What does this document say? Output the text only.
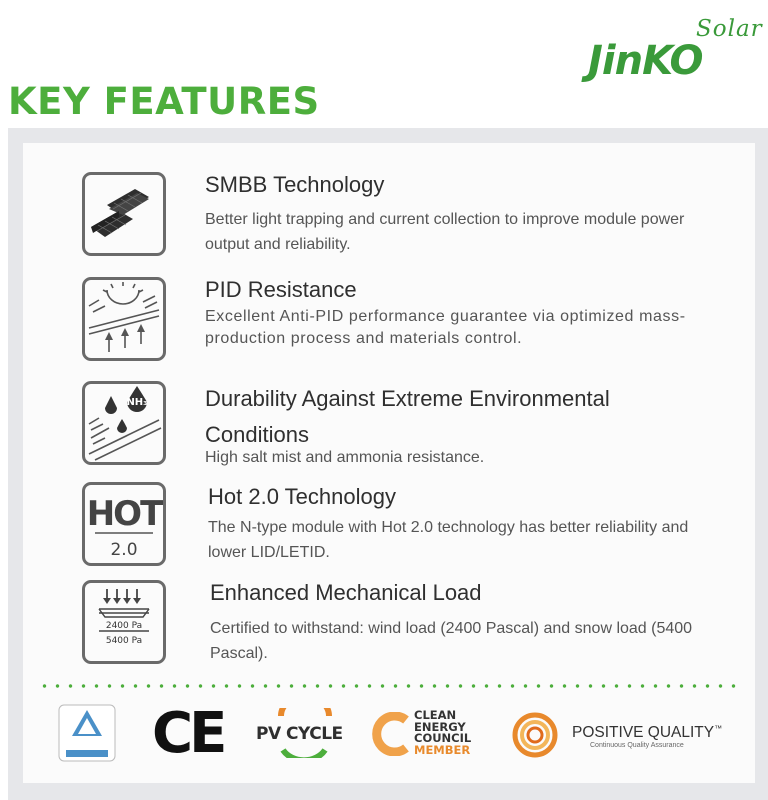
Solar
JinKO
KEY FEATURES
SMBB Technology

Better light trapping and current collection to improve module power output and reliability.

PID Resistance

Excellent Anti-PID performance guarantee via optimized mass-production process and materials control.

NH₃	Durability Against Extreme Environmental Conditions

High salt mist and ammonia resistance.

HOT
2.0
Hot 2.0 Technology

The N-type module with Hot 2.0 technology has better reliability and lower LID/LETID.

2400 Pa
5400 Pa
Enhanced Mechanical Load

Certified to withstand: wind load (2400 Pascal) and snow load (5400 Pascal).

CE PV CYCLE
CLEAN
ENERGY
COUNCIL
MEMBER
POSITIVE QUALITY™
Continuous Quality Assurance
